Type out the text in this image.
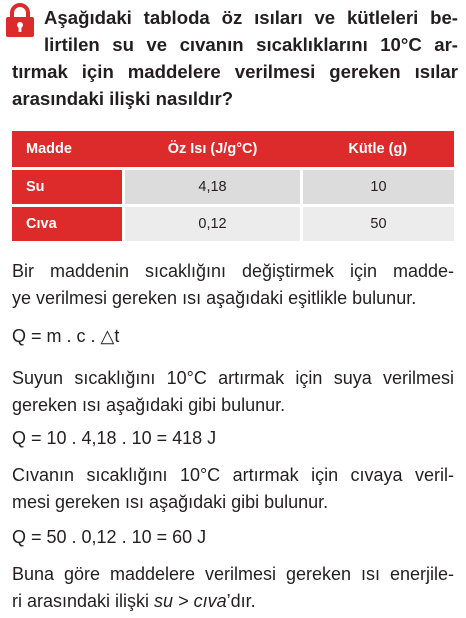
Aşağıdaki tabloda öz ısıları ve kütleleri be-
lirtilen su ve cıvanın sıcaklıklarını 10°C ar-
tırmak için maddelere verilmesi gereken ısılar
arasındaki ilişki nasıldır?
Madde	Öz Isı (J/g°C)	Kütle (g)
Su	4,18	10
Cıva	0,12	50
Bir maddenin sıcaklığını değiştirmek için madde-
ye verilmesi gereken ısı aşağıdaki eşitlikle bulunur.
Q = m . c . △t
Suyun sıcaklığını 10°C artırmak için suya verilmesi
gereken ısı aşağıdaki gibi bulunur.
Q = 10 . 4,18 . 10 = 418 J
Cıvanın sıcaklığını 10°C artırmak için cıvaya veril-
mesi gereken ısı aşağıdaki gibi bulunur.
Q = 50 . 0,12 . 10 = 60 J
Buna göre maddelere verilmesi gereken ısı enerjile-
ri arasındaki ilişki su > cıva’dır.
